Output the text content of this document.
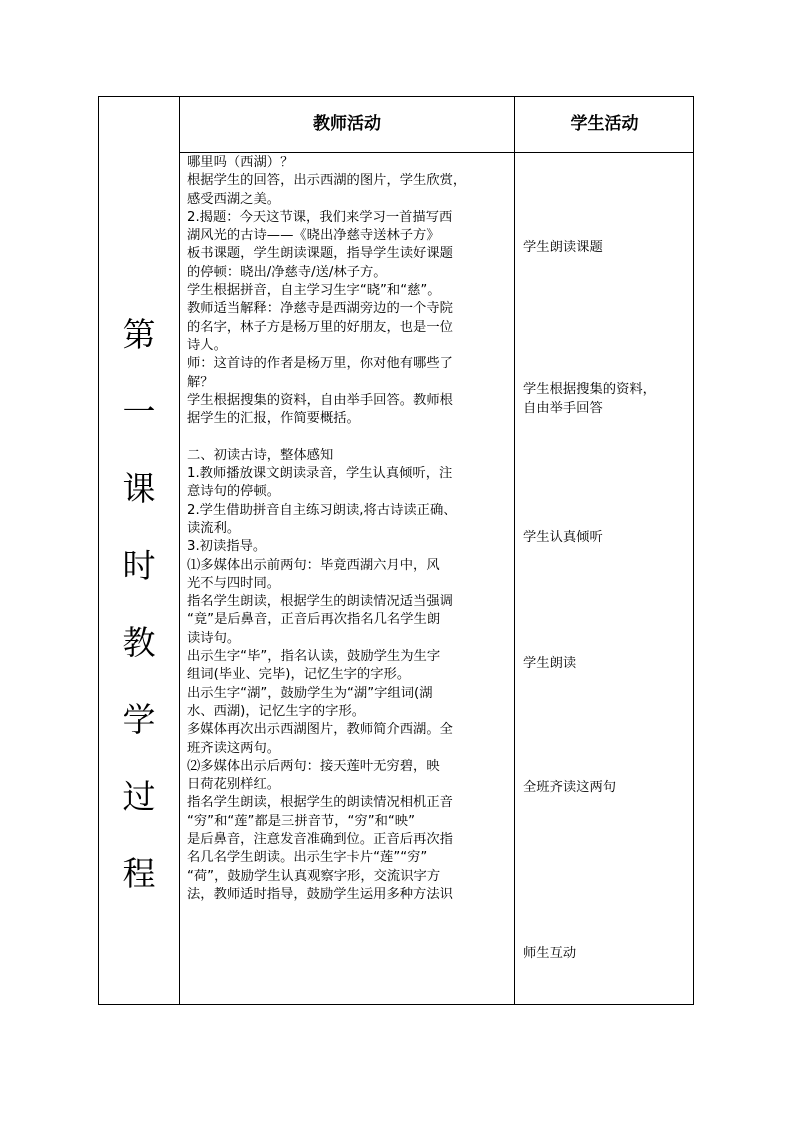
第
一
课
时
教
学
过
程
教师活动	学生活动
哪里吗（西湖）？
根据学生的回答，出示西湖的图片，学生欣赏，
感受西湖之美。
2.揭题：今天这节课，我们来学习一首描写西
湖风光的古诗——《晓出净慈寺送林子方》
板书课题，学生朗读课题，指导学生读好课题
的停顿：晓出/净慈寺/送/林子方。
学生根据拼音，自主学习生字“晓”和“慈”。
教师适当解释：净慈寺是西湖旁边的一个寺院
的名字，林子方是杨万里的好朋友，也是一位
诗人。
师：这首诗的作者是杨万里，你对他有哪些了
解？
学生根据搜集的资料，自由举手回答。教师根
据学生的汇报，作简要概括。
二、初读古诗，整体感知
1.教师播放课文朗读录音，学生认真倾听，注
意诗句的停顿。
2.学生借助拼音自主练习朗读,将古诗读正确、
读流利。
3.初读指导。
⑴多媒体出示前两句：毕竟西湖六月中，风
光不与四时同。
指名学生朗读，根据学生的朗读情况适当强调
“竟”是后鼻音，正音后再次指名几名学生朗
读诗句。
出示生字“毕”，指名认读，鼓励学生为生字
组词(毕业、完毕)，记忆生字的字形。
出示生字“湖”，鼓励学生为“湖”字组词(湖
水、西湖)，记忆生字的字形。
多媒体再次出示西湖图片，教师简介西湖。全
班齐读这两句。
⑵多媒体出示后两句：接天莲叶无穷碧，映
日荷花别样红。
指名学生朗读，根据学生的朗读情况相机正音
“穷”和“莲”都是三拼音节，“穷”和“映”
是后鼻音，注意发音准确到位。正音后再次指
名几名学生朗读。出示生字卡片“莲”“穷”
“荷”，鼓励学生认真观察字形，交流识字方
法，教师适时指导，鼓励学生运用多种方法识
学生朗读课题
学生根据搜集的资料，
自由举手回答
学生认真倾听
学生朗读
全班齐读这两句
师生互动
